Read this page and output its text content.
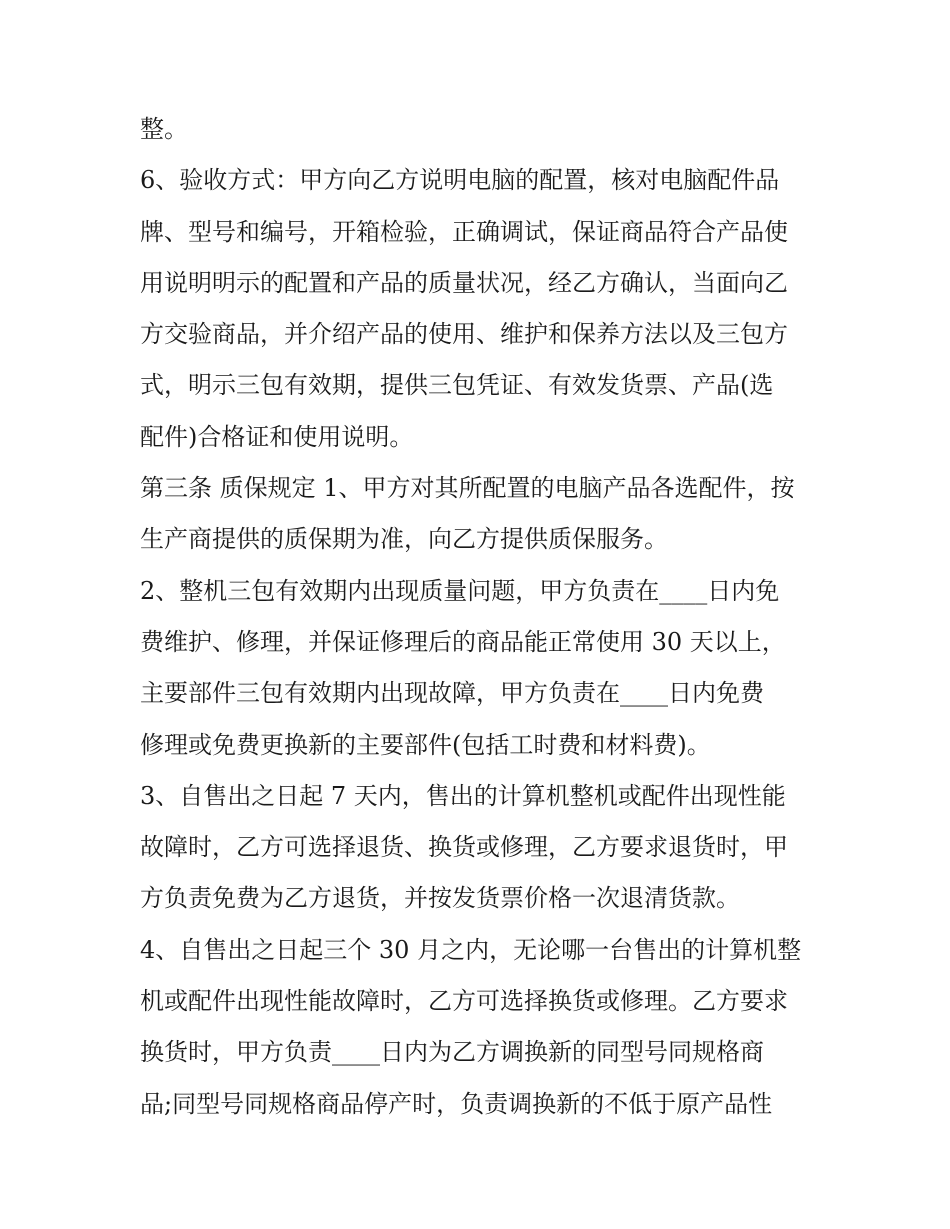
整。
6、验收方式：甲方向乙方说明电脑的配置，核对电脑配件品
牌、型号和编号，开箱检验，正确调试，保证商品符合产品使
用说明明示的配置和产品的质量状况，经乙方确认，当面向乙
方交验商品，并介绍产品的使用、维护和保养方法以及三包方
式，明示三包有效期，提供三包凭证、有效发货票、产品(选
配件)合格证和使用说明。
第三条 质保规定 1、甲方对其所配置的电脑产品各选配件，按
生产商提供的质保期为准，向乙方提供质保服务。
2、整机三包有效期内出现质量问题，甲方负责在____日内免
费维护、修理，并保证修理后的商品能正常使用 30 天以上，
主要部件三包有效期内出现故障，甲方负责在____日内免费
修理或免费更换新的主要部件(包括工时费和材料费)。
3、自售出之日起 7 天内，售出的计算机整机或配件出现性能
故障时，乙方可选择退货、换货或修理，乙方要求退货时，甲
方负责免费为乙方退货，并按发货票价格一次退清货款。
4、自售出之日起三个 30 月之内，无论哪一台售出的计算机整
机或配件出现性能故障时，乙方可选择换货或修理。乙方要求
换货时，甲方负责____日内为乙方调换新的同型号同规格商
品;同型号同规格商品停产时，负责调换新的不低于原产品性
